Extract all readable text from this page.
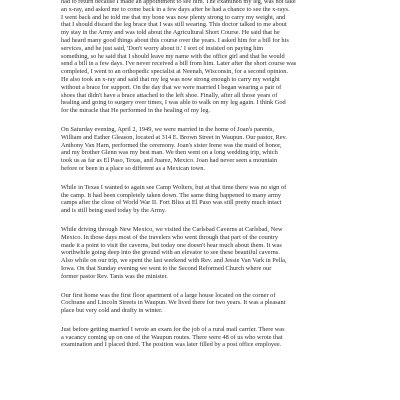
had to return because I made an appointment to see him. The examined my leg, was not take
an x-ray, and asked me to come back in a few days after he had a chance to see the x-rays.
I went back and he told me that my bone was now plenty strong to carry my weight, and
that I should discard the leg brace that I was still wearing. This doctor talked to me about
my stay in the Army and was told about the Agricultural Short Course. He said that he
had heard many good things about this course over the years. I asked him for a bill for his
services, and he just said, 'Don't worry about it.' I sort of insisted on paying him
something, so he said that I should leave my name with the office girl and that he would
send a bill in a few days. I've never received a bill from him. Later after the short course was
completed, I went to an orthopedic specialist at Neenah, Wisconsin, for a second opinion.
He also took an x-ray and said that my leg was now strong enough to carry my weight
without a brace for support. On the day that we were married I began wearing a pair of
shoes that didn't have a brace attached to the left shoe. Finally, after all those years of
healing and going to surgery over times, I was able to walk on my leg again. I think God
for the miracle that He performed in the healing of my leg.
On Saturday evening, April 2, 1949, we were married in the home of Joan's parents,
William and Esther Gleason, located at 314 E. Brown Street in Waupun. Our pastor, Rev.
Anthony Van Harn, performed the ceremony. Joan's sister Irene was the maid of honor,
and my brother Glenn was my best man. We then went on a long wedding trip, which
took us as far as El Paso, Texas, and Juarez, Mexico. Joan had never seen a mountain
before or been in a place so different as a Mexican town.
While in Texas I wanted to again see Camp Wolters, but at that time there was no sign of
the camp. It had been completely taken down. The same thing happened to many army
camps after the close of World War II. Fort Bliss at El Paso was still pretty much intact
and is still being used today by the Army.
While driving through New Mexico, we visited the Carlsbad Caverns at Carlsbad, New
Mexico. In those days most of the travelers who went through that part of the country
made it a point to visit the caverns, but today one doesn't hear much about them. It was
worthwhile going deep into the ground with an elevator to see these beautiful caverns.
Also while on our trip, we spent the last weekend with Rev. and Jessie Van Vark in Pella,
Iowa. On that Sunday evening we went to the Second Reformed Church where our
former pastor Rev. Tanis was the minister.
Our first home was the first floor apartment of a large house located on the corner of
Cochrane and Lincoln Streets in Waupun. We lived there for two years. It was a pleasant
place but very cold and drafty in winter.
Just before getting married I wrote an exam for the job of a rural mail carrier. There was
a vacancy coming up on one of the Waupun routes. There were 48 of us who wrote that
examination and I placed third. The position was later filled by a post office employee.
